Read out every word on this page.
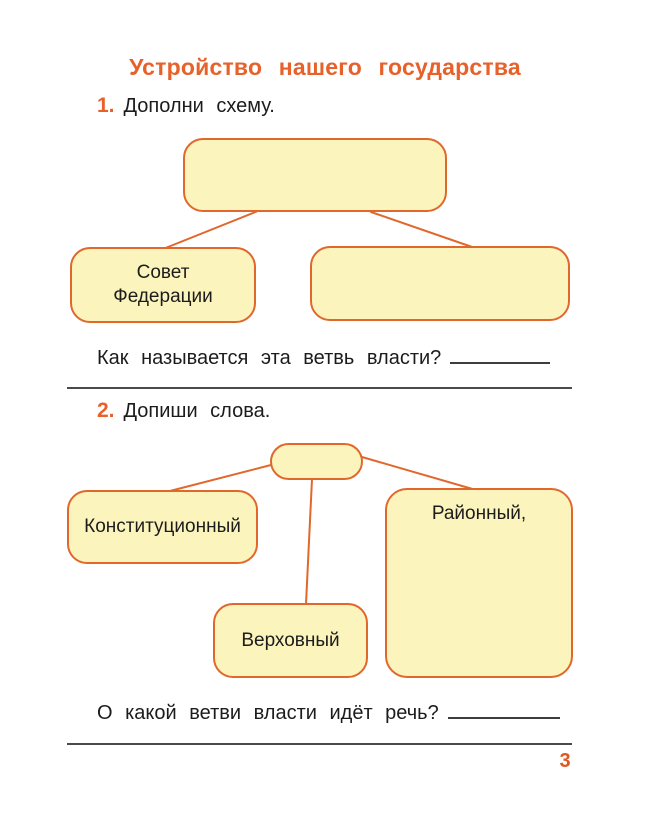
Устройство нашего государства
1. Дополни схему.
Совет
Федерации
Как называется эта ветвь власти?
2. Допиши слова.
Конституционный
Верховный
Районный,
О какой ветви власти идёт речь?
3
